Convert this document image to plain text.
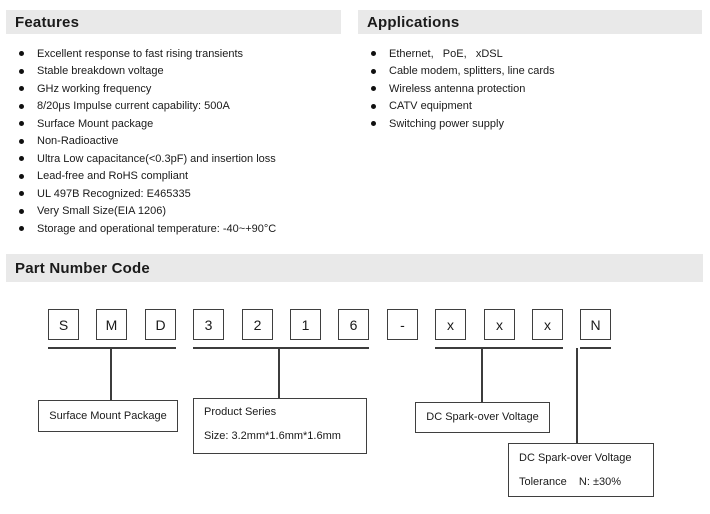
Features
Excellent response to fast rising transients
Stable breakdown voltage
GHz working frequency
8/20μs Impulse current capability: 500A
Surface Mount package
Non-Radioactive
Ultra Low capacitance(<0.3pF) and insertion loss
Lead-free and RoHS compliant
UL 497B Recognized: E465335
Very Small Size(EIA 1206)
Storage and operational temperature: -40~+90°C
Applications
Ethernet,   PoE,   xDSL
Cable modem, splitters, line cards
Wireless antenna protection
CATV equipment
Switching power supply
Part Number Code
S	M	D	3	2	1	6	-	x	x	x	N
Surface Mount Package	Product Series
Size: 3.2mm*1.6mm*1.6mm
DC Spark-over Voltage
DC Spark-over Voltage
Tolerance    N: ±30%
